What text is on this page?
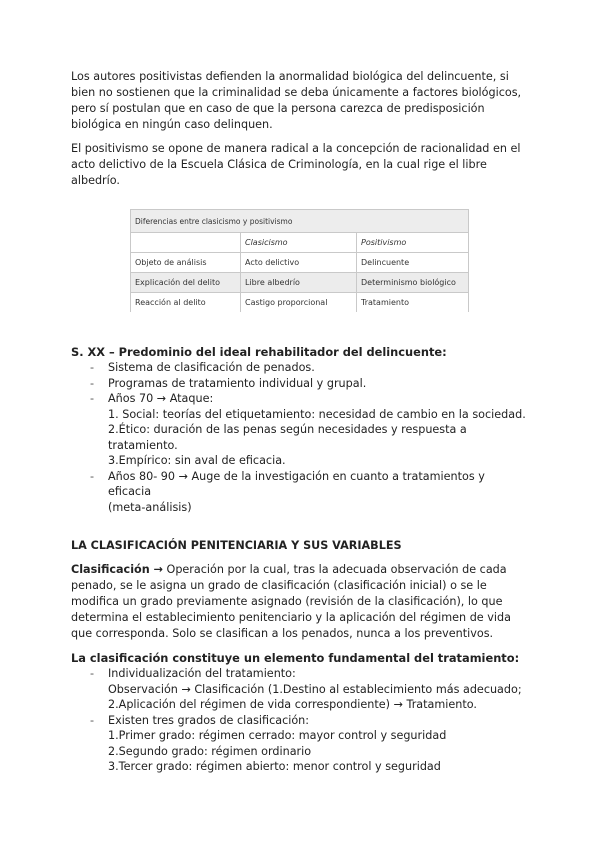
Los autores positivistas defienden la anormalidad biológica del delincuente, si bien no sostienen que la criminalidad se deba únicamente a factores biológicos, pero sí postulan que en caso de que la persona carezca de predisposición biológica en ningún caso delinquen.

El positivismo se opone de manera radical a la concepción de racionalidad en el acto delictivo de la Escuela Clásica de Criminología, en la cual rige el libre albedrío.

Diferencias entre clasicismo y positivismo		
	Clasicismo	Positivismo
Objeto de análisis	Acto delictivo	Delincuente
Explicación del delito	Libre albedrío	Determinismo biológico
Reacción al delito	Castigo proporcional	Tratamiento
S. XX – Predominio del ideal rehabilitador del delincuente:
- Sistema de clasificación de penados.
- Programas de tratamiento individual y grupal.
- Años 70 → Ataque:
1. Social: teorías del etiquetamiento: necesidad de cambio en la sociedad.
2.Ético: duración de las penas según necesidades y respuesta a tratamiento.
3.Empírico: sin aval de eficacia.
- Años 80- 90 → Auge de la investigación en cuanto a tratamientos y eficacia
(meta-análisis)
LA CLASIFICACIÓN PENITENCIARIA Y SUS VARIABLES

Clasificación → Operación por la cual, tras la adecuada observación de cada penado, se le asigna un grado de clasificación (clasificación inicial) o se le modifica un grado previamente asignado (revisión de la clasificación), lo que determina el establecimiento penitenciario y la aplicación del régimen de vida que corresponda. Solo se clasifican a los penados, nunca a los preventivos.

La clasificación constituye un elemento fundamental del tratamiento:
- Individualización del tratamiento:
Observación → Clasificación (1.Destino al establecimiento más adecuado;
2.Aplicación del régimen de vida correspondiente) → Tratamiento.
- Existen tres grados de clasificación:
1.Primer grado: régimen cerrado: mayor control y seguridad
2.Segundo grado: régimen ordinario
3.Tercer grado: régimen abierto: menor control y seguridad
